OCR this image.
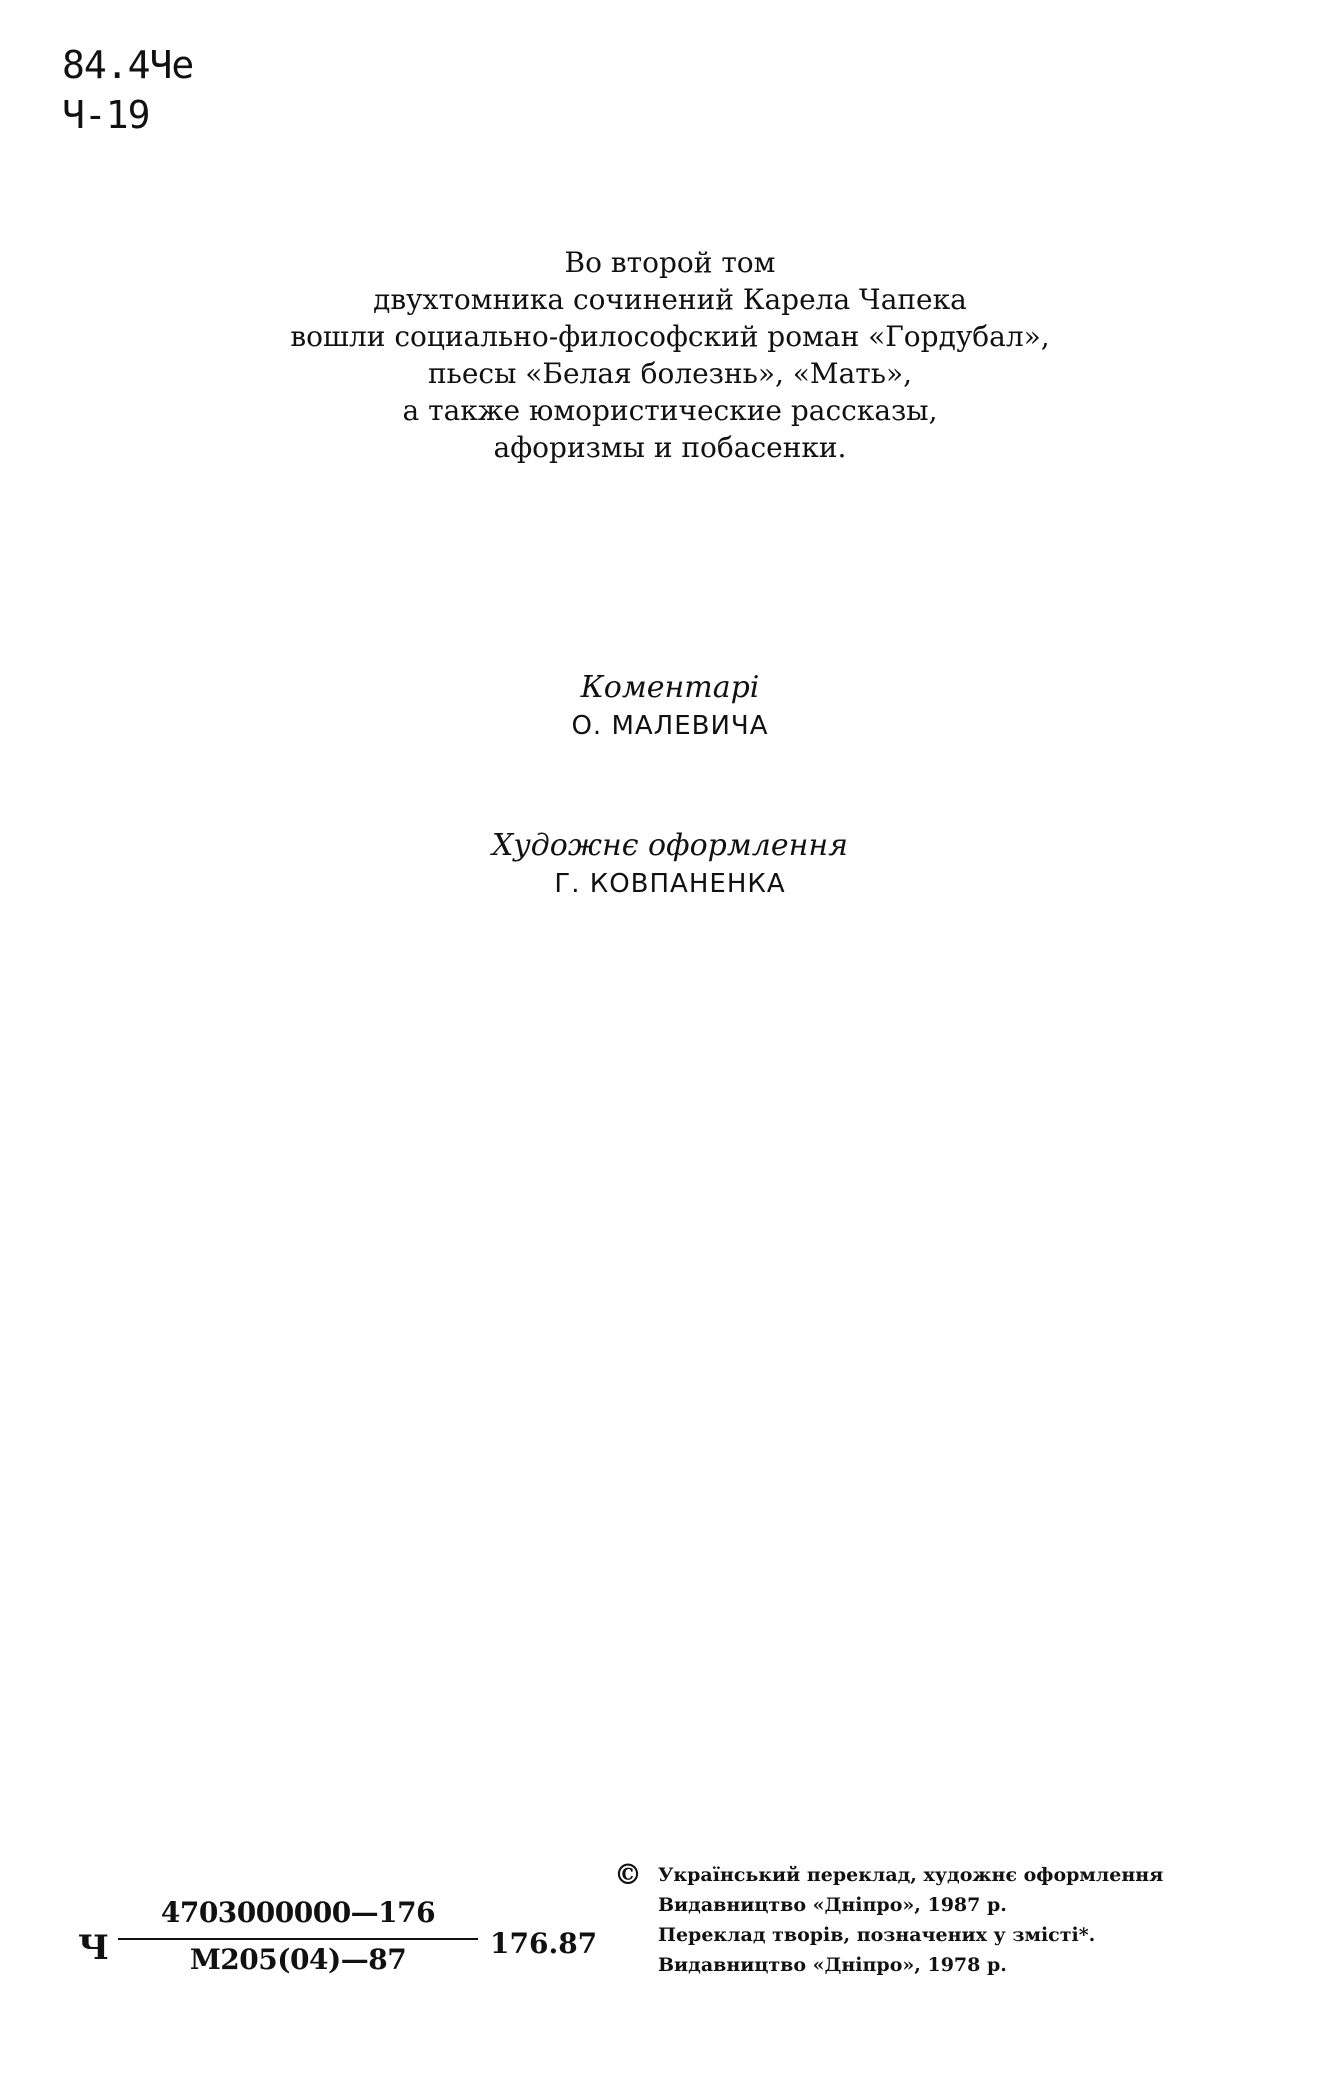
84.4Че
Ч-19
Во второй том
двухтомника сочинений Карела Чапека
вошли социально-философский роман «Гордубал»,
пьесы «Белая болезнь», «Мать»,
а также юмористические рассказы,
афоризмы и побасенки.
Коментарі
О. МАЛЕВИЧА
Художнє оформлення
Г. КОВПАНЕНКА
Ч
4703000000—176
М205(04)—87	176.87
© Український переклад, художнє оформлення
Видавництво «Дніпро», 1987 р.
Переклад творів, позначених у змісті*.
Видавництво «Дніпро», 1978 р.
